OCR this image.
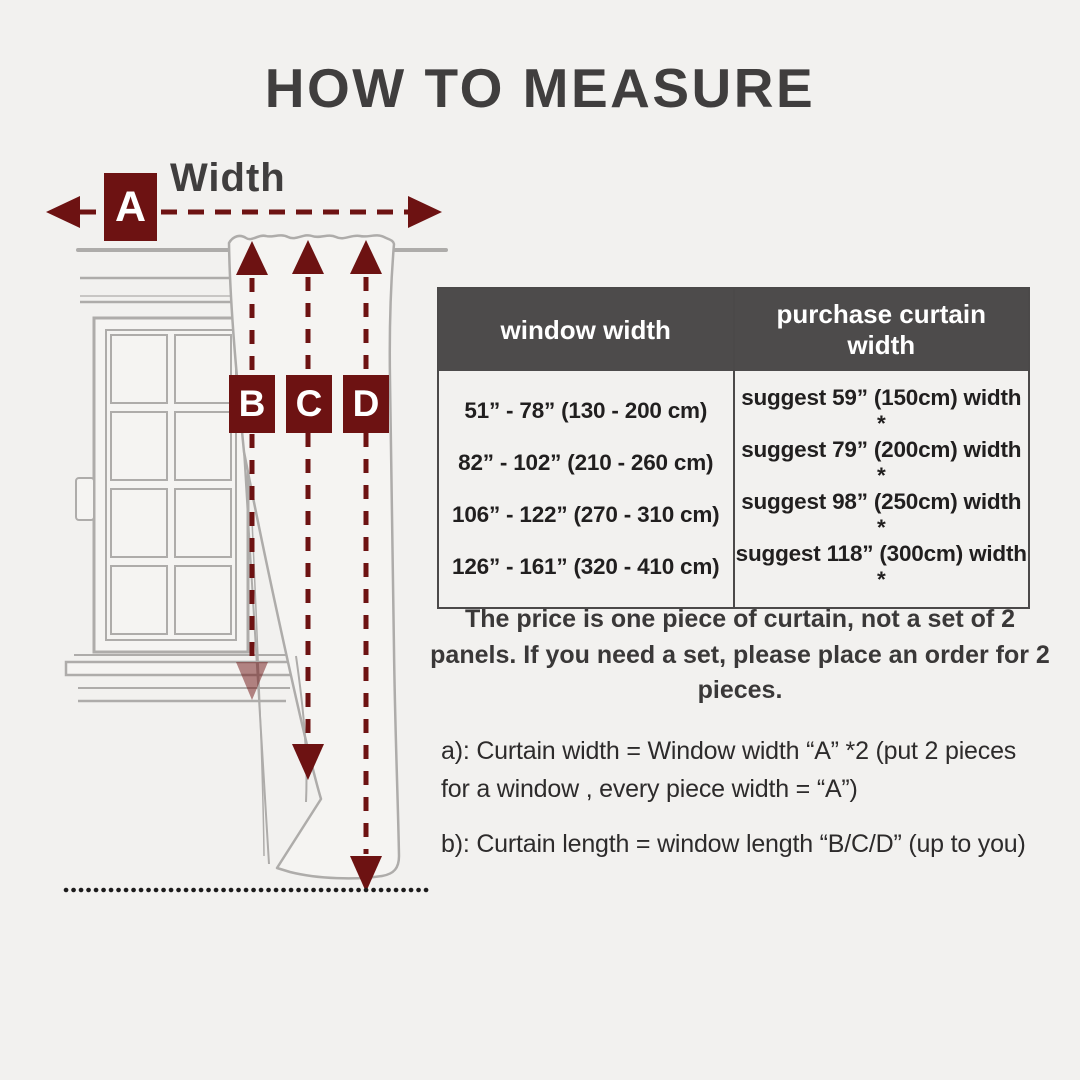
HOW TO MEASURE
Width
A
B C D
window width	purchase curtain width
51” - 78” (130 - 200 cm)	suggest 59” (150cm) width *
82” - 102” (210 - 260 cm)	suggest 79” (200cm) width *
106” - 122” (270 - 310 cm)	suggest 98” (250cm) width *
126” - 161” (320 - 410 cm)	suggest 118” (300cm) width *

The price is one piece of curtain, not a set of 2 panels. If you need a set, please place an order for 2 pieces.

a): Curtain width = Window width “A” *2 (put 2 pieces for a window , every piece width = “A”)

b): Curtain length = window length “B/C/D” (up to you)
